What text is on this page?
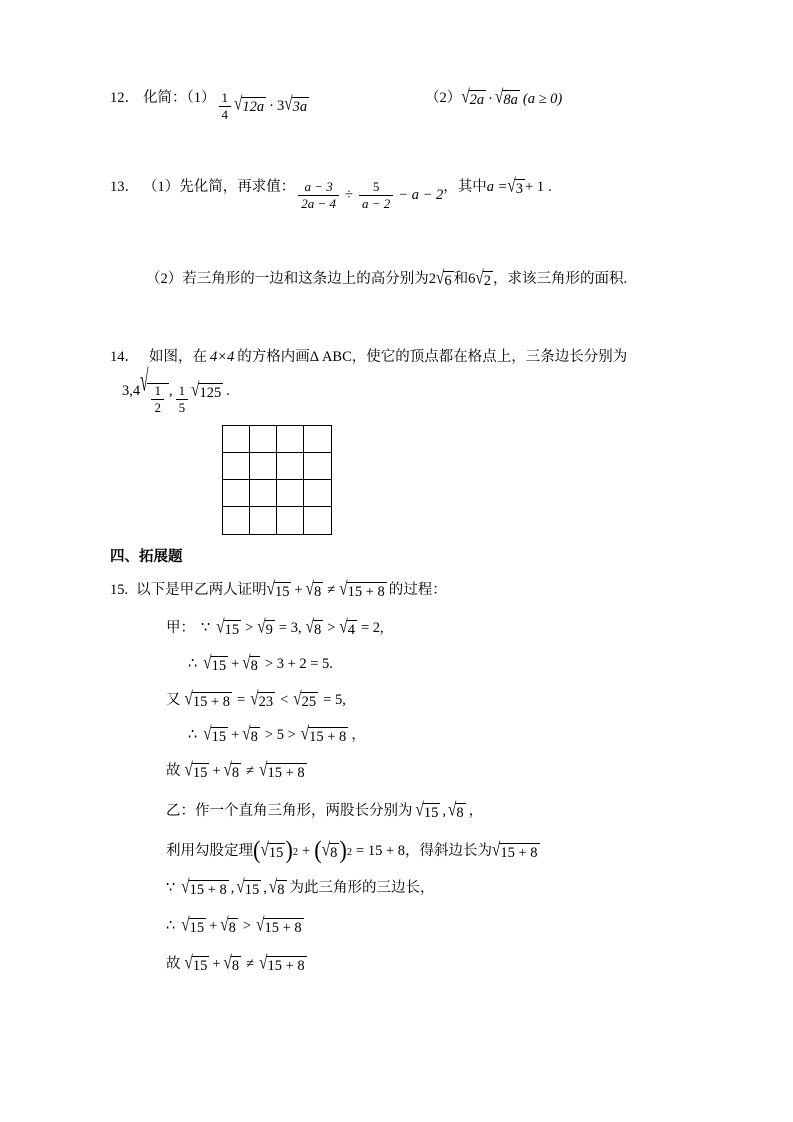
12． 化简：$(1) \frac{1}{4}$ √ 12a · 3 √ 3a
（2） √ 2a · √ 8a (a ≥ 0)
13． （1）先化简，再求值： $\frac{a - 3}{2a - 4} \div \frac{5}{a - 2} - a - 2$ ，其中 a = √ 3 + 1 .
（2）若三角形的一边和这条边上的高分别为 2 √ 6 和 6 √ 2 ，求该三角形的面积.
14． 如图，在 4×4 的方格内画Δ ABC，使它的顶点都在格点上，三条边长分别为
3,4 √
$\frac{1}{2}$ , $\frac{1}{5}$ √ 125 .
四、拓展题
15. 以下是甲乙两人证明 √ 15 + √ 8 ≠ √ 15 + 8 的过程：
甲： ∵ √ 15 > √ 9 = 3, √ 8 > √ 4 = 2,
∴ √ 15 + √ 8 > 3 + 2 = 5.
又 √ 15 + 8 = √ 23 < √ 25 = 5,
∴ √ 15 + √ 8 > 5 > √ 15 + 8 ，
故 √ 15 + √ 8 ≠ √ 15 + 8
乙：作一个直角三角形，两股长分别为 √ 15 , √ 8 ，
利用勾股定理 ( √ 15 ) 2 + ( √ 8 ) 2 = 15 + 8，得斜边长为 √ 15 + 8
∵ √ 15 + 8 , √ 15 , √ 8 为此三角形的三边长，
∴ √ 15 + √ 8 > √ 15 + 8
故 √ 15 + √ 8 ≠ √ 15 + 8
